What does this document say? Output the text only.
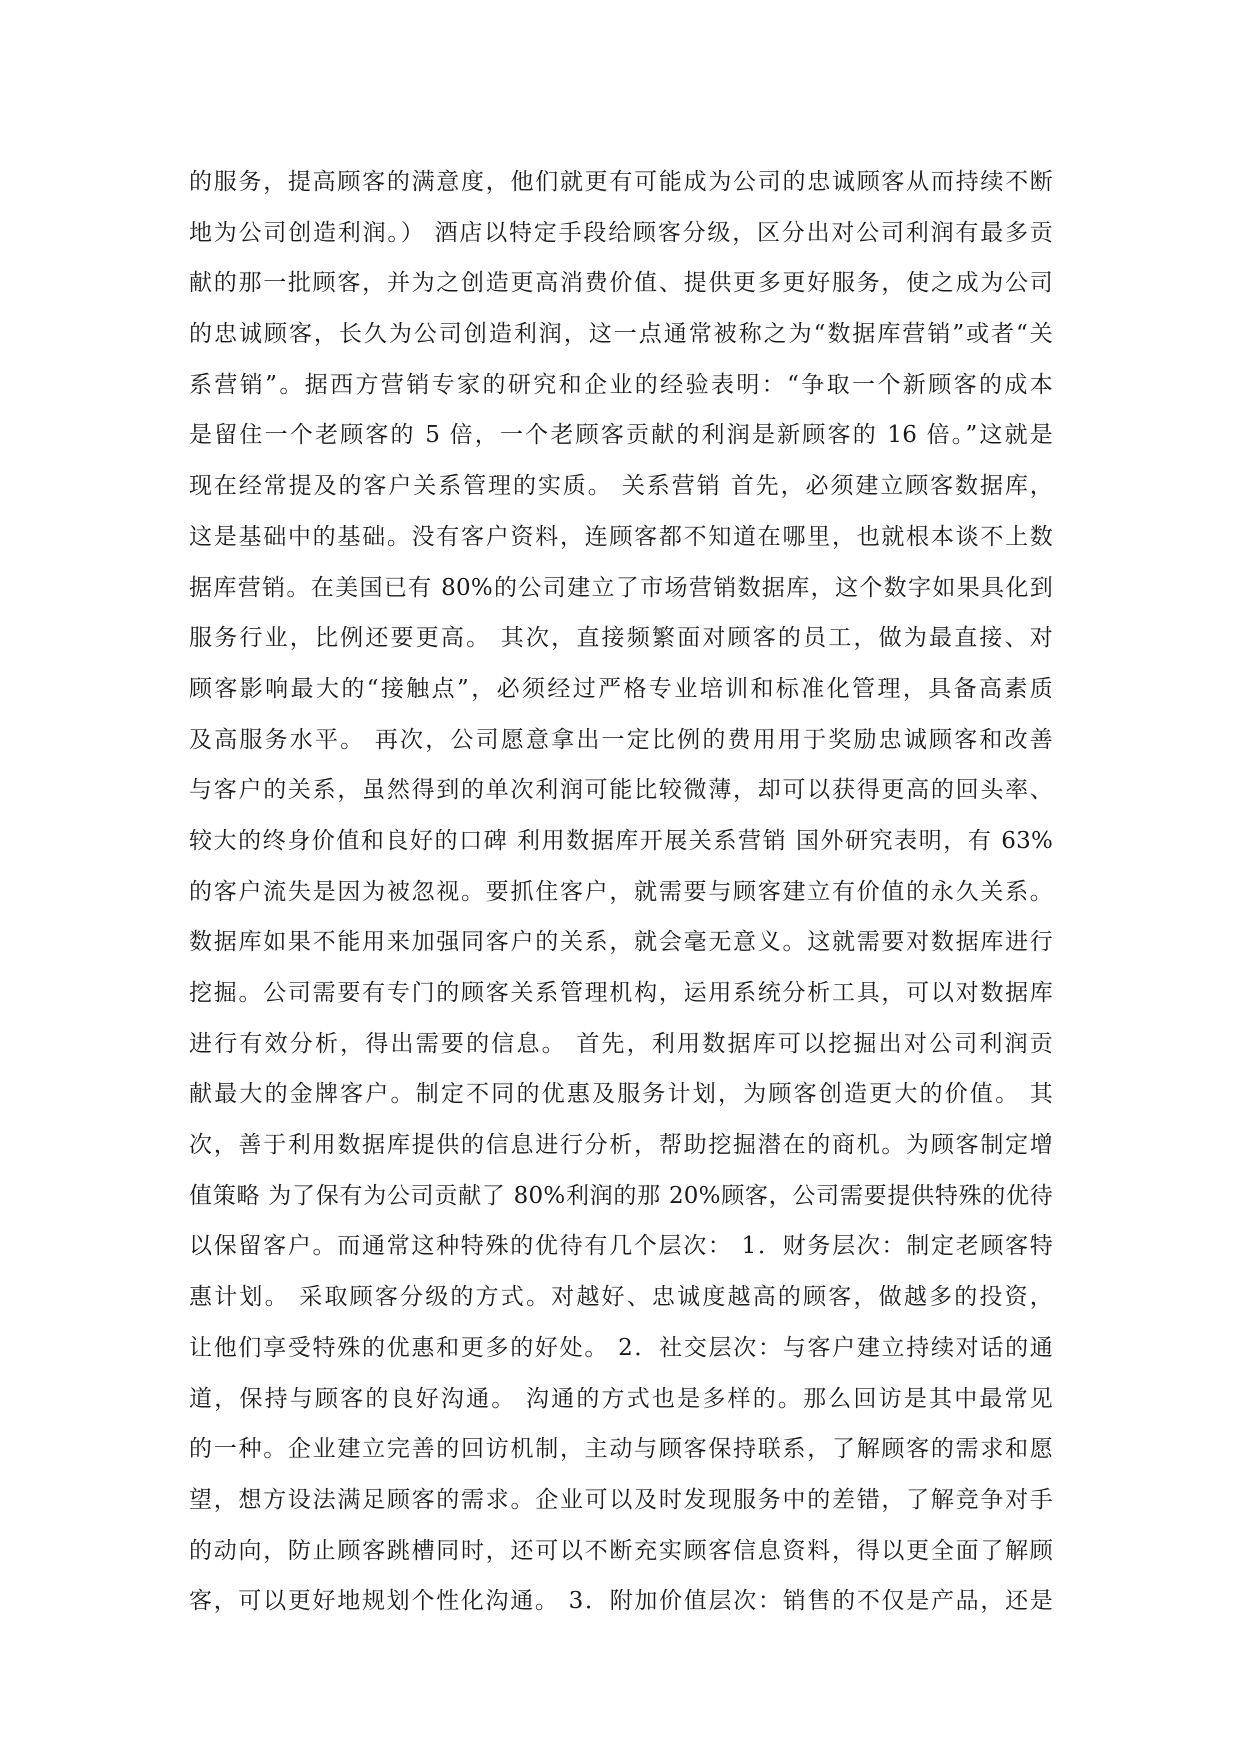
的服务，提高顾客的满意度，他们就更有可能成为公司的忠诚顾客从而持续不断
地为公司创造利润。） 酒店以特定手段给顾客分级，区分出对公司利润有最多贡
献的那一批顾客，并为之创造更高消费价值、提供更多更好服务，使之成为公司
的忠诚顾客，长久为公司创造利润，这一点通常被称之为“数据库营销”或者“关
系营销”。据西方营销专家的研究和企业的经验表明：“争取一个新顾客的成本
是留住一个老顾客的 5 倍，一个老顾客贡献的利润是新顾客的 16 倍。”这就是
现在经常提及的客户关系管理的实质。 关系营销 首先，必须建立顾客数据库，
这是基础中的基础。没有客户资料，连顾客都不知道在哪里，也就根本谈不上数
据库营销。在美国已有 80%的公司建立了市场营销数据库，这个数字如果具化到
服务行业，比例还要更高。 其次，直接频繁面对顾客的员工，做为最直接、对
顾客影响最大的“接触点”，必须经过严格专业培训和标准化管理，具备高素质
及高服务水平。 再次，公司愿意拿出一定比例的费用用于奖励忠诚顾客和改善
与客户的关系，虽然得到的单次利润可能比较微薄，却可以获得更高的回头率、
较大的终身价值和良好的口碑 利用数据库开展关系营销 国外研究表明，有 63%
的客户流失是因为被忽视。要抓住客户，就需要与顾客建立有价值的永久关系。
数据库如果不能用来加强同客户的关系，就会毫无意义。这就需要对数据库进行
挖掘。公司需要有专门的顾客关系管理机构，运用系统分析工具，可以对数据库
进行有效分析，得出需要的信息。 首先，利用数据库可以挖掘出对公司利润贡
献最大的金牌客户。制定不同的优惠及服务计划，为顾客创造更大的价值。 其
次，善于利用数据库提供的信息进行分析，帮助挖掘潜在的商机。为顾客制定增
值策略 为了保有为公司贡献了 80%利润的那 20%顾客，公司需要提供特殊的优待
以保留客户。而通常这种特殊的优待有几个层次： 1．财务层次：制定老顾客特
惠计划。 采取顾客分级的方式。对越好、忠诚度越高的顾客，做越多的投资，
让他们享受特殊的优惠和更多的好处。 2．社交层次：与客户建立持续对话的通
道，保持与顾客的良好沟通。 沟通的方式也是多样的。那么回访是其中最常见
的一种。企业建立完善的回访机制，主动与顾客保持联系，了解顾客的需求和愿
望，想方设法满足顾客的需求。企业可以及时发现服务中的差错，了解竞争对手
的动向，防止顾客跳槽同时，还可以不断充实顾客信息资料，得以更全面了解顾
客，可以更好地规划个性化沟通。 3．附加价值层次：销售的不仅是产品，还是
